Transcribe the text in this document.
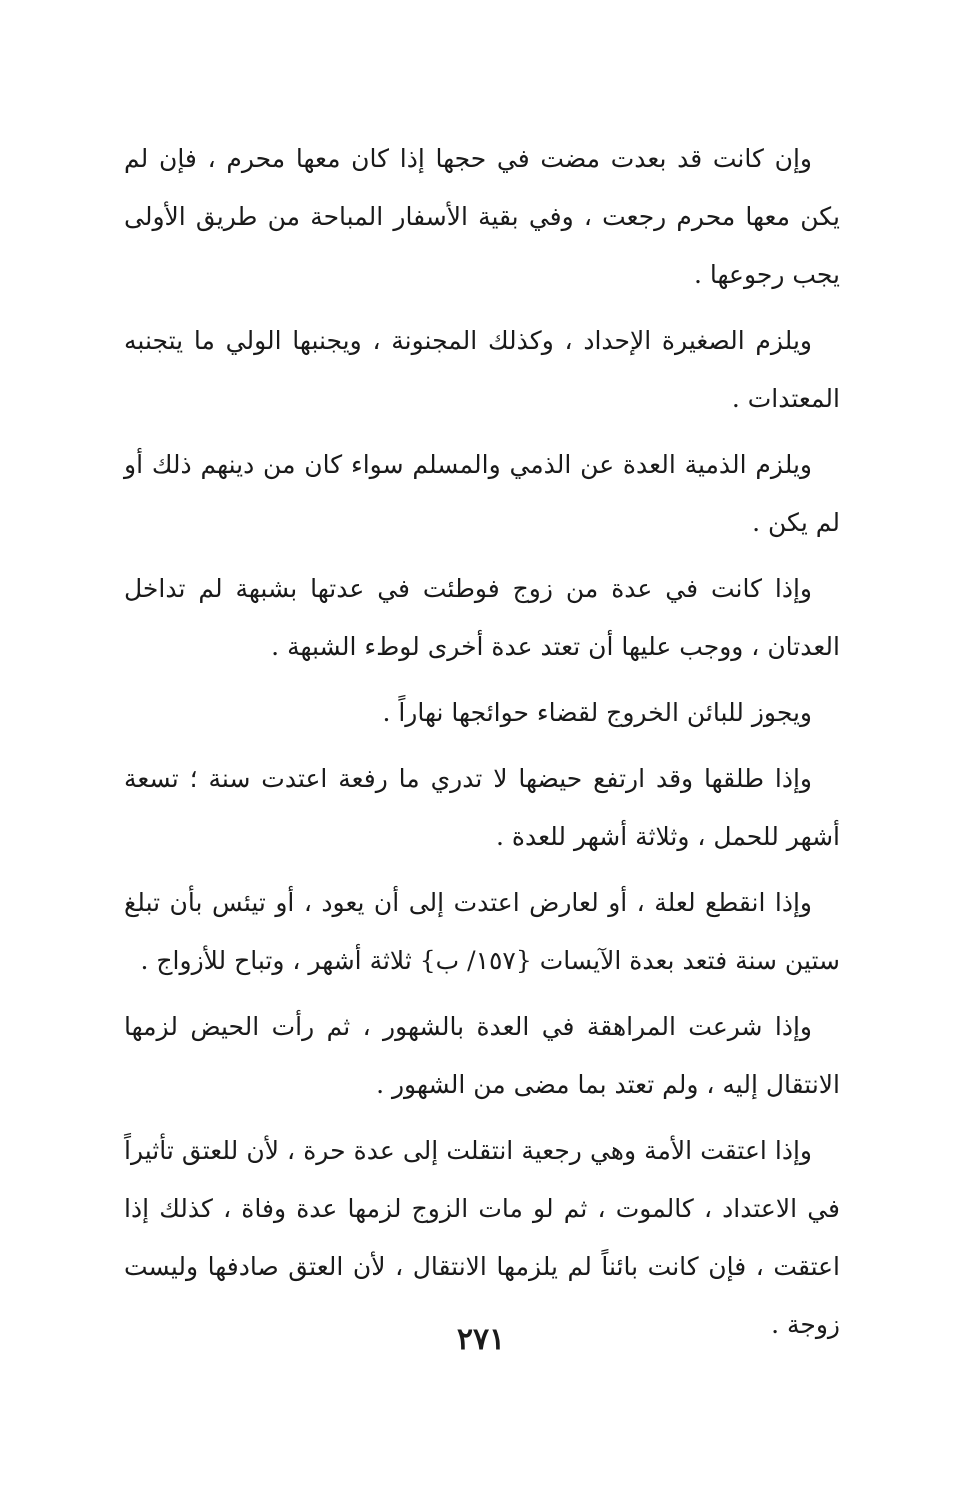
وإن كانت قد بعدت مضت في حجها إذا كان معها محرم ، فإن لم يكن معها محرم رجعت ، وفي بقية الأسفار المباحة من طريق الأولى يجب رجوعها .

ويلزم الصغيرة الإحداد ، وكذلك المجنونة ، ويجنبها الولي ما يتجنبه المعتدات .

ويلزم الذمية العدة عن الذمي والمسلم سواء كان من دينهم ذلك أو لم يكن .

وإذا كانت في عدة من زوج فوطئت في عدتها بشبهة لم تداخل العدتان ، ووجب عليها أن تعتد عدة أخرى لوطء الشبهة .

ويجوز للبائن الخروج لقضاء حوائجها نهاراً .

وإذا طلقها وقد ارتفع حيضها لا تدري ما رفعة اعتدت سنة ؛ تسعة أشهر للحمل ، وثلاثة أشهر للعدة .

وإذا انقطع لعلة ، أو لعارض اعتدت إلى أن يعود ، أو تيئس بأن تبلغ ستين سنة فتعد بعدة الآيسات {١٥٧/ ب} ثلاثة أشهر ، وتباح للأزواج .

وإذا شرعت المراهقة في العدة بالشهور ، ثم رأت الحيض لزمها الانتقال إليه ، ولم تعتد بما مضى من الشهور .

وإذا اعتقت الأمة وهي رجعية انتقلت إلى عدة حرة ، لأن للعتق تأثيراً في الاعتداد ، كالموت ، ثم لو مات الزوج لزمها عدة وفاة ، كذلك إذا اعتقت ، فإن كانت بائناً لم يلزمها الانتقال ، لأن العتق صادفها وليست زوجة .

٢٧١
